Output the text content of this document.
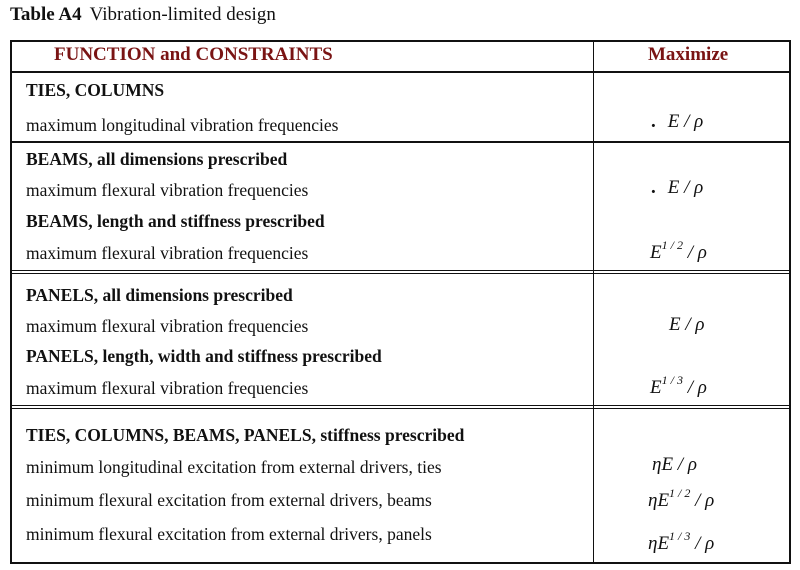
Table A4 Vibration-limited design
FUNCTION and CONSTRAINTS	Maximize
TIES, COLUMNS
maximum longitudinal vibration frequencies	. E / ρ
BEAMS, all dimensions prescribed
maximum flexural vibration frequencies	. E / ρ
BEAMS, length and stiffness prescribed
maximum flexural vibration frequencies	$E^{1 / 2}$ / ρ
PANELS, all dimensions prescribed
maximum flexural vibration frequencies	E / ρ
PANELS, length, width and stiffness prescribed
maximum flexural vibration frequencies	$E^{1 / 3}$ / ρ
TIES, COLUMNS, BEAMS, PANELS, stiffness prescribed
minimum longitudinal excitation from external drivers, ties	ηE / ρ
minimum flexural excitation from external drivers, beams	$\eta E^{1 / 2}$ / ρ
minimum flexural excitation from external drivers, panels	$\eta E^{1 / 3}$ / ρ
